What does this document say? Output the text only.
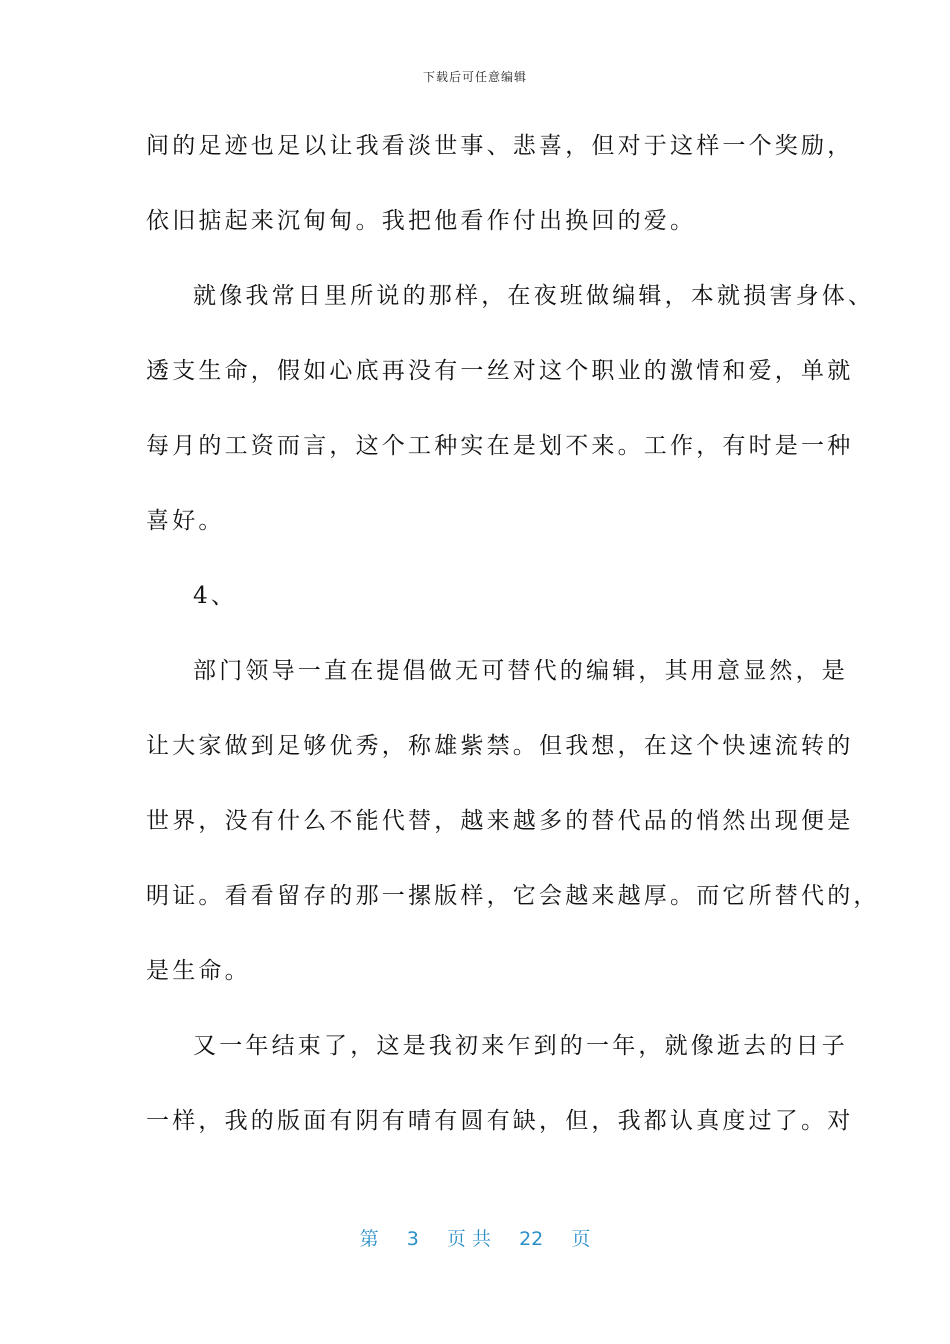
下载后可任意编辑
间的足迹也足以让我看淡世事、悲喜，但对于这样一个奖励，
依旧掂起来沉甸甸。我把他看作付出换回的爱。
就像我常日里所说的那样，在夜班做编辑，本就损害身体、
透支生命，假如心底再没有一丝对这个职业的激情和爱，单就
每月的工资而言，这个工种实在是划不来。工作，有时是一种
喜好。
4、
部门领导一直在提倡做无可替代的编辑，其用意显然，是
让大家做到足够优秀，称雄紫禁。但我想，在这个快速流转的
世界，没有什么不能代替，越来越多的替代品的悄然出现便是
明证。看看留存的那一摞版样，它会越来越厚。而它所替代的，
是生命。
又一年结束了，这是我初来乍到的一年，就像逝去的日子
一样，我的版面有阴有晴有圆有缺，但，我都认真度过了。对
第 3 页 共 22 页
